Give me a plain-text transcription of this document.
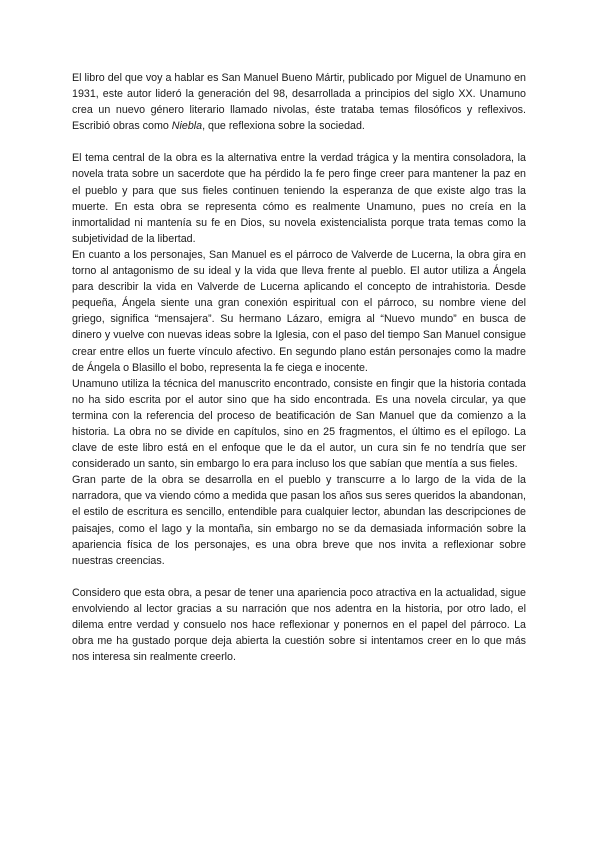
El libro del que voy a hablar es San Manuel Bueno Mártir, publicado por Miguel de Unamuno en 1931, este autor lideró la generación del 98, desarrollada a principios del siglo XX. Unamuno crea un nuevo género literario llamado nivolas, éste trataba temas filosóficos y reflexivos. Escribió obras como Niebla, que reflexiona sobre la sociedad.

El tema central de la obra es la alternativa entre la verdad trágica y la mentira consoladora, la novela trata sobre un sacerdote que ha pérdido la fe pero finge creer para mantener la paz en el pueblo y para que sus fieles continuen teniendo la esperanza de que existe algo tras la muerte. En esta obra se representa cómo es realmente Unamuno, pues no creía en la inmortalidad ni mantenía su fe en Dios, su novela existencialista porque trata temas como la subjetividad de la libertad.

En cuanto a los personajes, San Manuel es el párroco de Valverde de Lucerna, la obra gira en torno al antagonismo de su ideal y la vida que lleva frente al pueblo. El autor utiliza a Ángela para describir la vida en Valverde de Lucerna aplicando el concepto de intrahistoria. Desde pequeña, Ángela siente una gran conexión espiritual con el párroco, su nombre viene del griego, significa “mensajera”. Su hermano Lázaro, emigra al “Nuevo mundo” en busca de dinero y vuelve con nuevas ideas sobre la Iglesia, con el paso del tiempo San Manuel consigue crear entre ellos un fuerte vínculo afectivo. En segundo plano están personajes como la madre de Ángela o Blasillo el bobo, representa la fe ciega e inocente.

Unamuno utiliza la técnica del manuscrito encontrado, consiste en fingir que la historia contada no ha sido escrita por el autor sino que ha sido encontrada. Es una novela circular, ya que termina con la referencia del proceso de beatificación de San Manuel que da comienzo a la historia. La obra no se divide en capítulos, sino en 25 fragmentos, el último es el epílogo. La clave de este libro está en el enfoque que le da el autor, un cura sin fe no tendría que ser considerado un santo, sin embargo lo era para incluso los que sabían que mentía a sus fieles.

Gran parte de la obra se desarrolla en el pueblo y transcurre a lo largo de la vida de la narradora, que va viendo cómo a medida que pasan los años sus seres queridos la abandonan, el estilo de escritura es sencillo, entendible para cualquier lector, abundan las descripciones de paisajes, como el lago y la montaña, sin embargo no se da demasiada información sobre la apariencia física de los personajes, es una obra breve que nos invita a reflexionar sobre nuestras creencias.

Considero que esta obra, a pesar de tener una apariencia poco atractiva en la actualidad, sigue envolviendo al lector gracias a su narración que nos adentra en la historia, por otro lado, el dilema entre verdad y consuelo nos hace reflexionar y ponernos en el papel del párroco. La obra me ha gustado porque deja abierta la cuestión sobre si intentamos creer en lo que más nos interesa sin realmente creerlo.
